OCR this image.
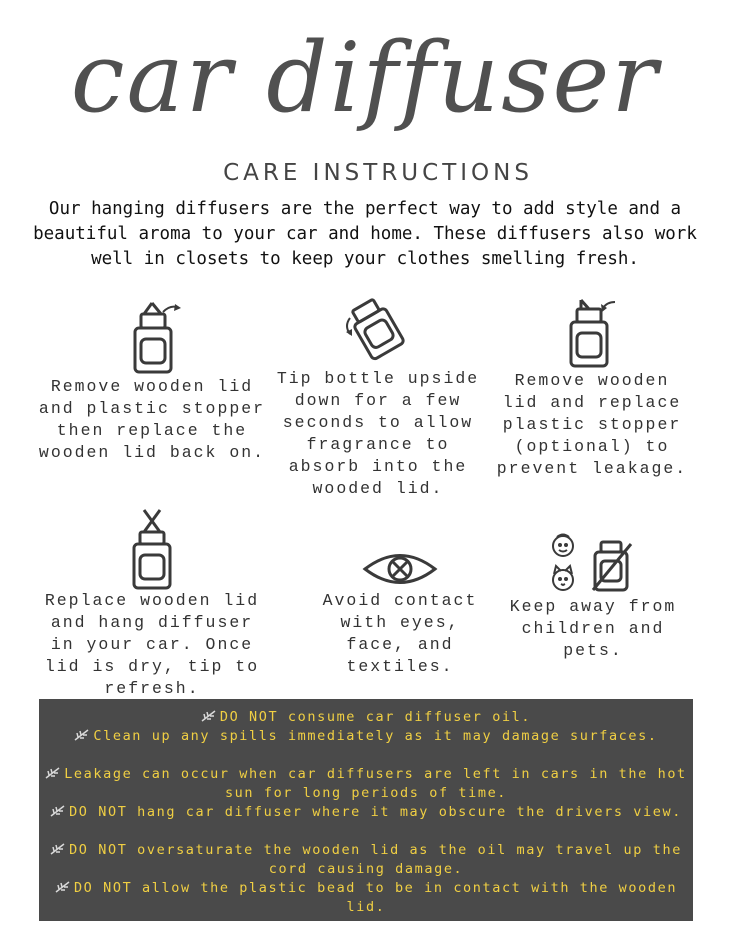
car diffuser
CARE INSTRUCTIONS
Our hanging diffusers are the perfect way to add style and a beautiful aroma to your car and home. These diffusers also work well in closets to keep your clothes smelling fresh.
Remove wooden lid and plastic stopper then replace the wooden lid back on.
Tip bottle upside down for a few seconds to allow fragrance to absorb into the wooded lid.
Remove wooden lid and replace plastic stopper (optional) to prevent leakage.
Replace wooden lid and hang diffuser in your car. Once lid is dry, tip to refresh.
Avoid contact with eyes, face, and textiles.
Keep away from children and pets.
DO NOT consume car diffuser oil.
Clean up any spills immediately as it may damage surfaces.
Leakage can occur when car diffusers are left in cars in the hot sun for long periods of time.
DO NOT hang car diffuser where it may obscure the drivers view.
DO NOT oversaturate the wooden lid as the oil may travel up the cord causing damage.
DO NOT allow the plastic bead to be in contact with the wooden lid.
